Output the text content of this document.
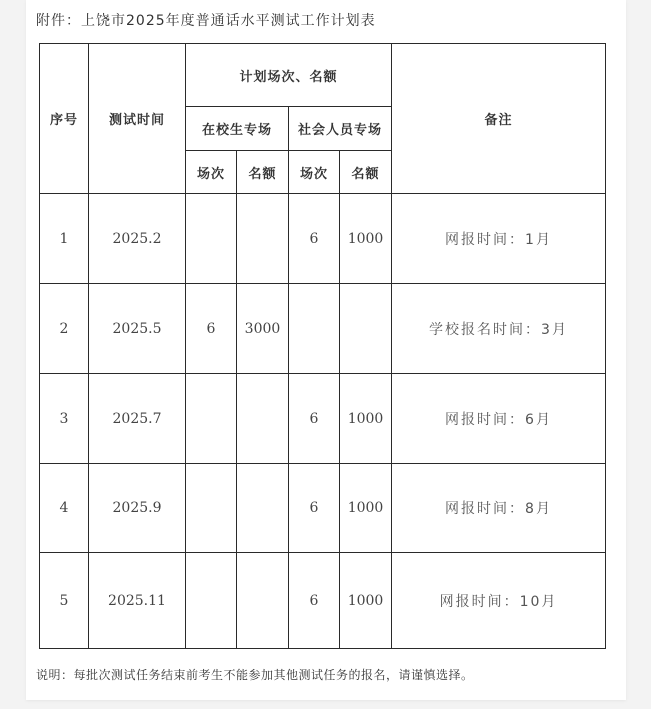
附件：上饶市2025年度普通话水平测试工作计划表
序号	测试时间	计划场次、名额				备注
		在校生专场		社会人员专场		
		场次	名额	场次	名额	
1	2025.2			6	1000	网报时间：1月
2	2025.5	6	3000			学校报名时间：3月
3	2025.7			6	1000	网报时间：6月
4	2025.9			6	1000	网报时间：8月
5	2025.11			6	1000	网报时间：10月
说明：每批次测试任务结束前考生不能参加其他测试任务的报名，请谨慎选择。
